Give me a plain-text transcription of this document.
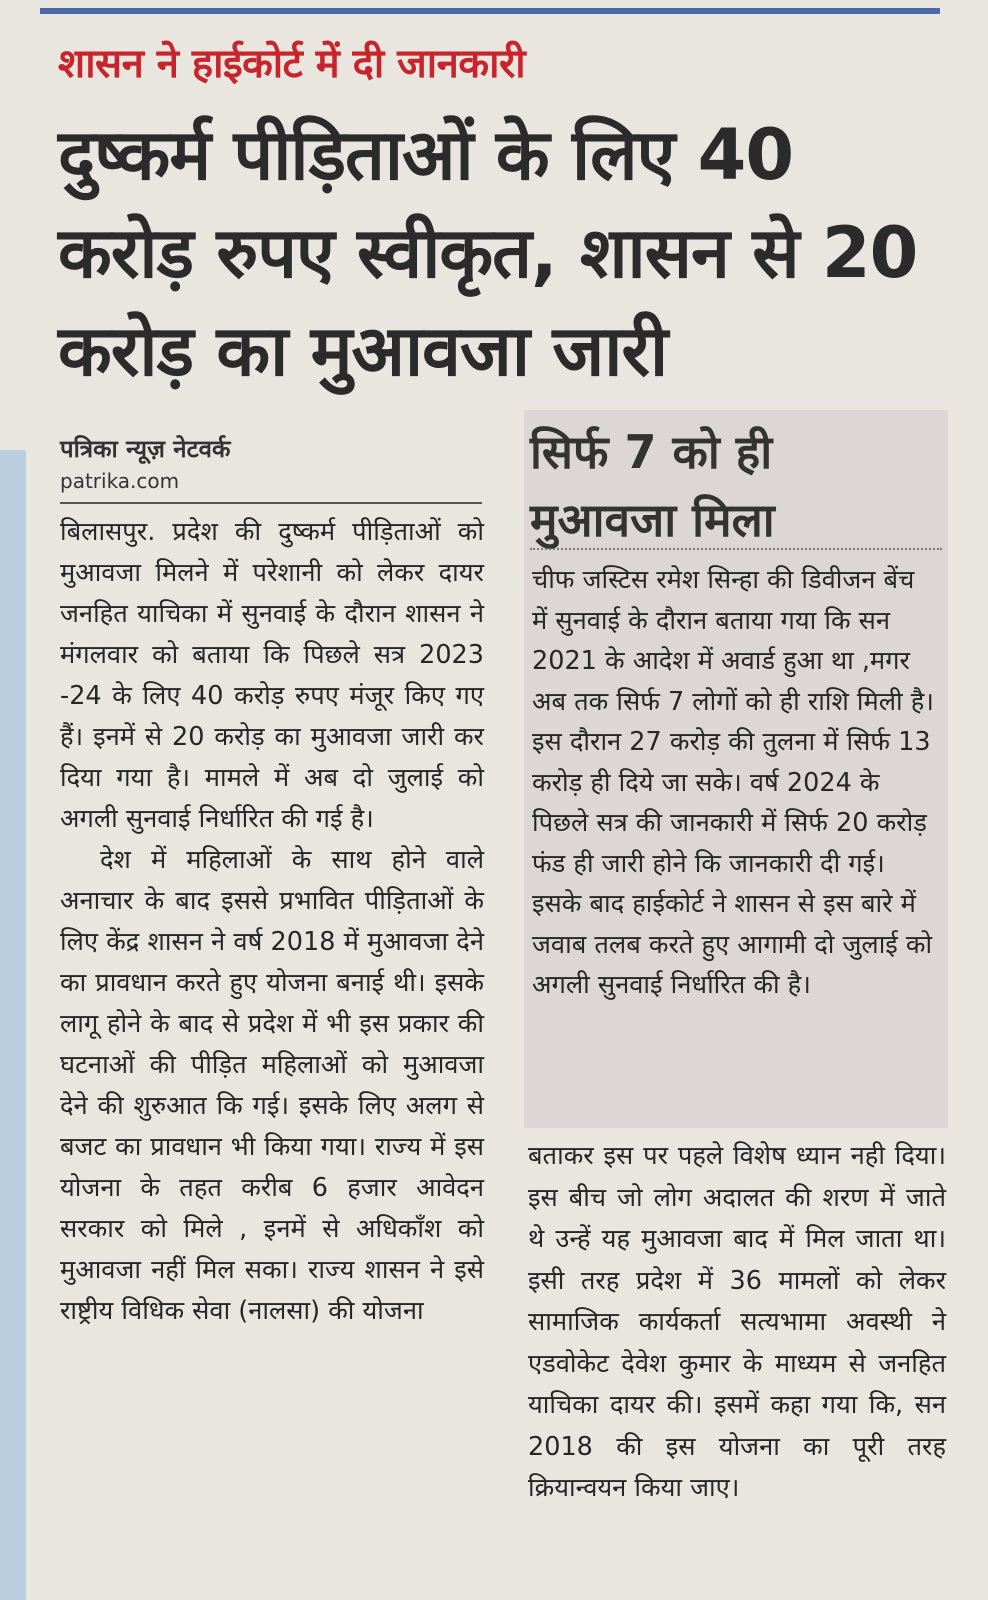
शासन ने हाईकोर्ट में दी जानकारी
दुष्कर्म पीड़िताओं के लिए 40 करोड़ रुपए स्वीकृत, शासन से 20 करोड़ का मुआवजा जारी
पत्रिका न्यूज़ नेटवर्क
patrika.com

बिलासपुर. प्रदेश की दुष्कर्म पीड़िताओं को मुआवजा मिलने में परेशानी को लेकर दायर जनहित याचिका में सुनवाई के दौरान शासन ने मंगलवार को बताया कि पिछले सत्र 2023 -24 के लिए 40 करोड़ रुपए मंजूर किए गए हैं। इनमें से 20 करोड़ का मुआवजा जारी कर दिया गया है। मामले में अब दो जुलाई को अगली सुनवाई निर्धारित की गई है।

देश में महिलाओं के साथ होने वाले अनाचार के बाद इससे प्रभावित पीड़िताओं के लिए केंद्र शासन ने वर्ष 2018 में मुआवजा देने का प्रावधान करते हुए योजना बनाई थी। इसके लागू होने के बाद से प्रदेश में भी इस प्रकार की घटनाओं की पीड़ित महिलाओं को मुआवजा देने की शुरुआत कि गई। इसके लिए अलग से बजट का प्रावधान भी किया गया। राज्य में इस योजना के तहत करीब 6 हजार आवेदन सरकार को मिले , इनमें से अधिकाँश को मुआवजा नहीं मिल सका। राज्य शासन ने इसे राष्ट्रीय विधिक सेवा (नालसा) की योजना

सिर्फ 7 को ही मुआवजा मिला
चीफ जस्टिस रमेश सिन्हा की डिवीजन बेंच में सुनवाई के दौरान बताया गया कि सन 2021 के आदेश में अवार्ड हुआ था ,मगर अब तक सिर्फ 7 लोगों को ही राशि मिली है। इस दौरान 27 करोड़ की तुलना में सिर्फ 13 करोड़ ही दिये जा सके। वर्ष 2024 के पिछले सत्र की जानकारी में सिर्फ 20 करोड़ फंड ही जारी होने कि जानकारी दी गई। इसके बाद हाईकोर्ट ने शासन से इस बारे में जवाब तलब करते हुए आगामी दो जुलाई को अगली सुनवाई निर्धारित की है।
बताकर इस पर पहले विशेष ध्यान नही दिया। इस बीच जो लोग अदालत की शरण में जाते थे उन्हें यह मुआवजा बाद में मिल जाता था। इसी तरह प्रदेश में 36 मामलों को लेकर सामाजिक कार्यकर्ता सत्यभामा अवस्थी ने एडवोकेट देवेश कुमार के माध्यम से जनहित याचिका दायर की। इसमें कहा गया कि, सन 2018 की इस योजना का पूरी तरह क्रियान्वयन किया जाए।
